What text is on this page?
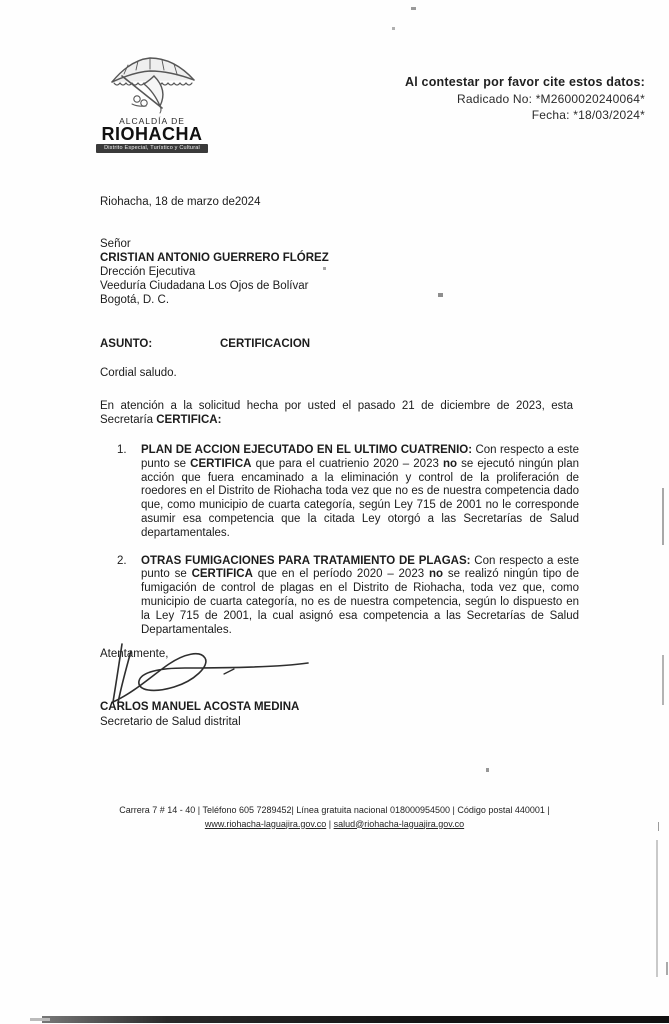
ALCALDÍA DE
RIOHACHA
Distrito Especial, Turístico y Cultural
Al contestar por favor cite estos datos:
Radicado No: *M2600020240064*
Fecha: *18/03/2024*
Riohacha, 18 de marzo de2024
Señor
CRISTIAN ANTONIO GUERRERO FLÓREZ
Drección Ejecutiva
Veeduría Ciudadana Los Ojos de Bolívar
Bogotá, D. C.
ASUNTO:	CERTIFICACION
Cordial saludo.
En atención a la solicitud hecha por usted el pasado 21 de diciembre de 2023, esta Secretaría CERTIFICA:
1.	PLAN DE ACCION EJECUTADO EN EL ULTIMO CUATRENIO: Con respecto a este punto se CERTIFICA que para el cuatrienio 2020 – 2023 no se ejecutó ningún plan acción que fuera encaminado a la eliminación y control de la proliferación de roedores en el Distrito de Riohacha toda vez que no es de nuestra competencia dado que, como municipio de cuarta categoría, según Ley 715 de 2001 no le corresponde asumir esa competencia que la citada Ley otorgó a las Secretarías de Salud departamentales.
2.	OTRAS FUMIGACIONES PARA TRATAMIENTO DE PLAGAS: Con respecto a este punto se CERTIFICA que en el período 2020 – 2023 no se realizó ningún tipo de fumigación de control de plagas en el Distrito de Riohacha, toda vez que, como municipio de cuarta categoría, no es de nuestra competencia, según lo dispuesto en la Ley 715 de 2001, la cual asignó esa competencia a las Secretarías de Salud Departamentales.
Atentamente,
CARLOS MANUEL ACOSTA MEDINA
Secretario de Salud distrital
Carrera 7 # 14 - 40 | Teléfono 605 7289452| Línea gratuita nacional 018000954500 | Código postal 440001 |
www.riohacha-laguajira.gov.co | salud@riohacha-laguajira.gov.co
